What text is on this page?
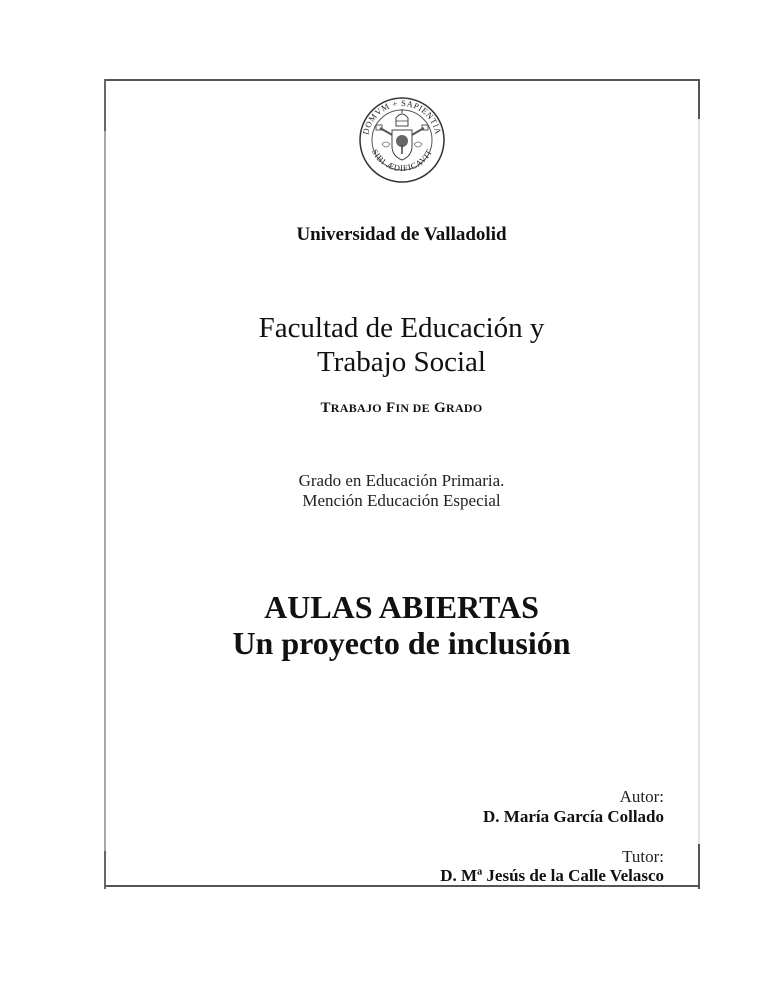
DOMVM + SAPIENTIA
SIBI ÆDIFICAVIT
Universidad de Valladolid
Facultad de Educación y
Trabajo Social
TRABAJO FIN DE GRADO
Grado en Educación Primaria.
Mención Educación Especial
AULAS ABIERTAS
Un proyecto de inclusión
Autor:
D. María García Collado
Tutor:
D. Mª Jesús de la Calle Velasco
